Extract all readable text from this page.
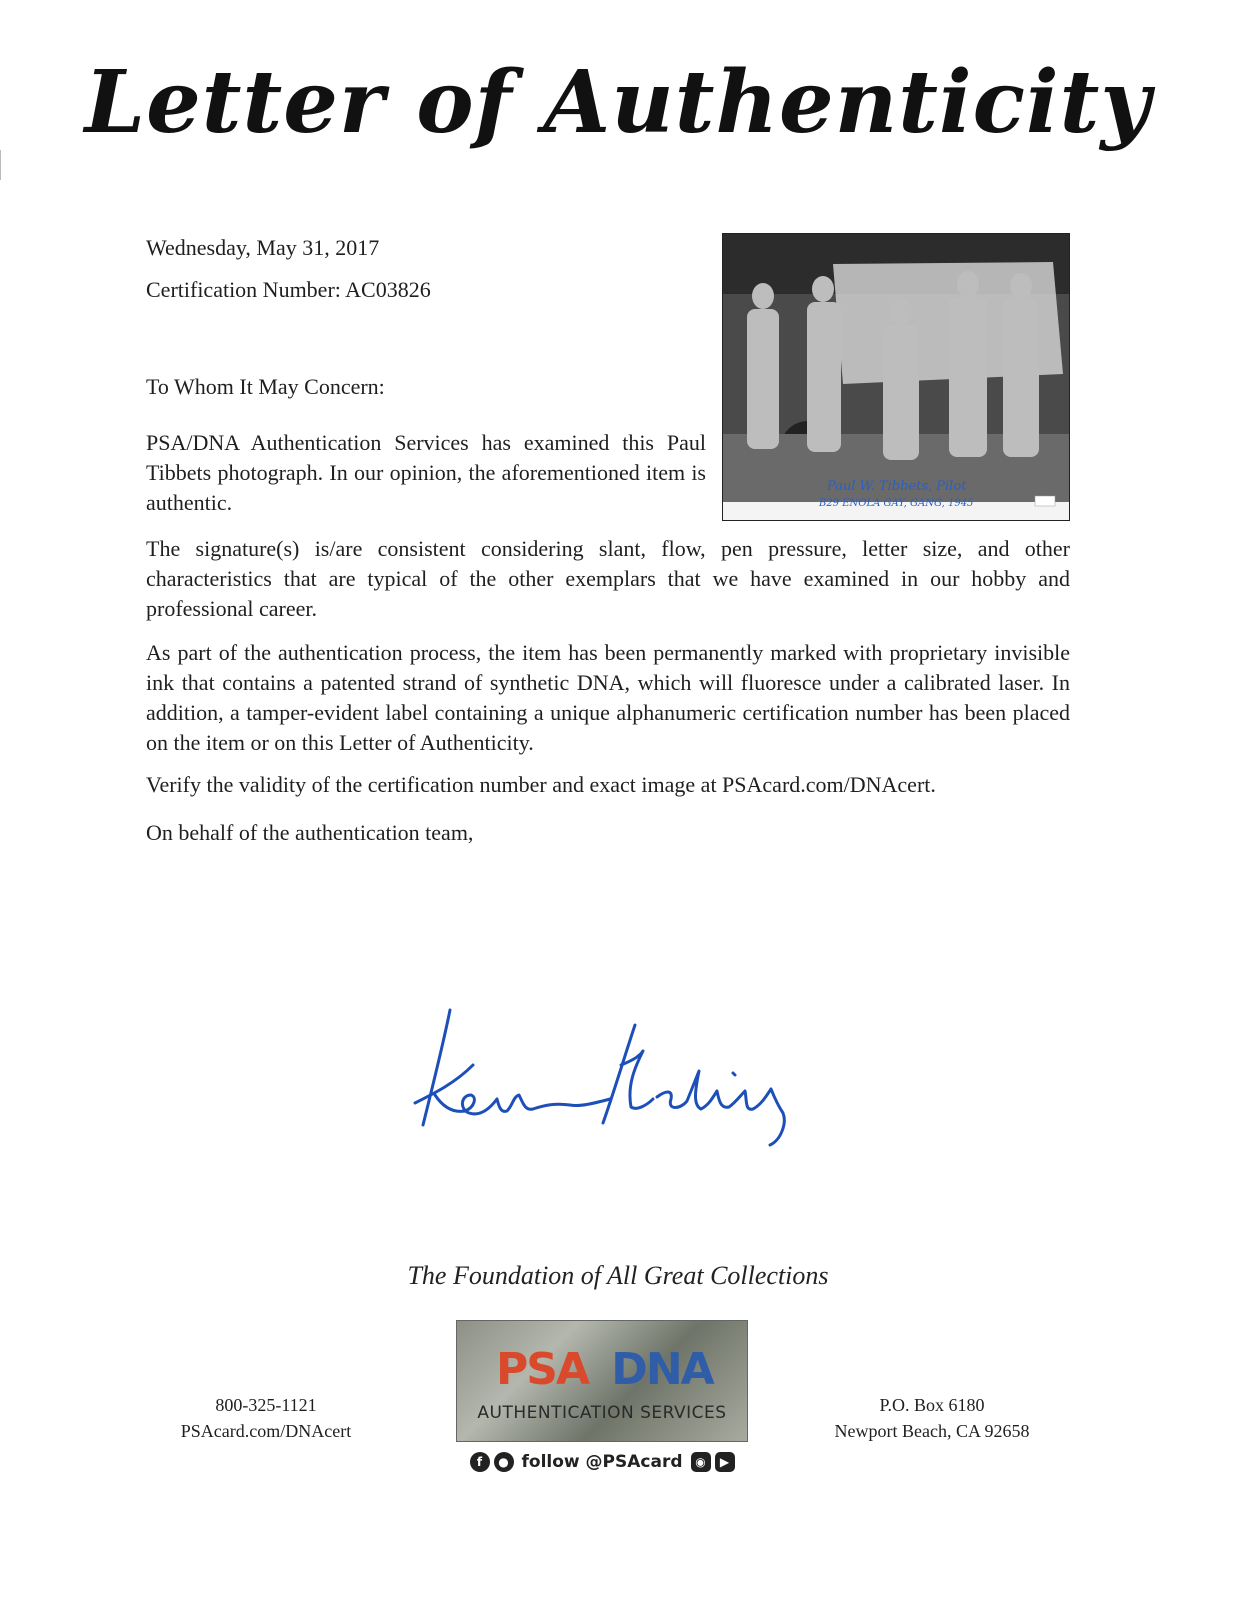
Letter of Authenticity
Wednesday, May 31, 2017
Certification Number: AC03826
Paul W. Tibbets, Pilot
B29 ENOLA GAY, GANG, 1945
To Whom It May Concern:
PSA/DNA Authentication Services has examined this Paul Tibbets photograph. In our opinion, the aforementioned item is authentic.
The signature(s) is/are consistent considering slant, flow, pen pressure, letter size, and other characteristics that are typical of the other exemplars that we have examined in our hobby and professional career.
As part of the authentication process, the item has been permanently marked with proprietary invisible ink that contains a patented strand of synthetic DNA, which will fluoresce under a calibrated laser. In addition, a tamper-evident label containing a unique alphanumeric certification number has been placed on the item or on this Letter of Authenticity.
Verify the validity of the certification number and exact image at PSAcard.com/DNAcert.
On behalf of the authentication team,
The Foundation of All Great Collections
800-325-1121
PSAcard.com/DNAcert
PSA DNA
AUTHENTICATION SERVICES	P.O. Box 6180
Newport Beach, CA 92658
f	● follow @PSAcard	◉	▶
